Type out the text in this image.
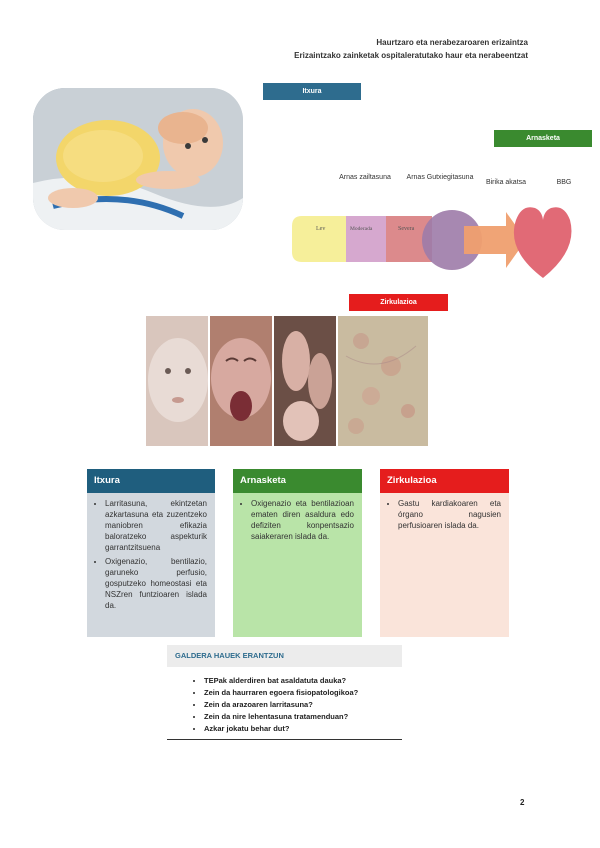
Haurtzaro eta nerabezaroaren erizaintza
Erizaintzako zainketak ospitaleratutako haur eta nerabeentzat
Itxura
Arnasketa
Arnas zailtasuna	Arnas Gutxiegitasuna
Birika akatsa	BBG
Lev	Moderada	Severa
Zirkulazioa
Itxura
• Larritasuna, ekintzetan azkartasuna eta zuzentzeko maniobren efikazia baloratzeko aspekturik garrantzitsuena
• Oxigenazio, bentilazio, garuneko perfusio, gosputzeko homeostasi eta NSZren funtzioaren islada da.
Arnasketa
• Oxigenazio eta bentilazioan ematen diren asaldura edo defiziten konpentsazio saiakeraren islada da.
Zirkulazioa
• Gastu kardiakoaren eta órgano nagusien perfusioaren islada da.
GALDERA HAUEK ERANTZUN
• TEPak alderdiren bat asaldatuta dauka?
• Zein da haurraren egoera fisiopatologikoa?
• Zein da arazoaren larritasuna?
• Zein da nire lehentasuna tratamenduan?
• Azkar jokatu behar dut?
2
